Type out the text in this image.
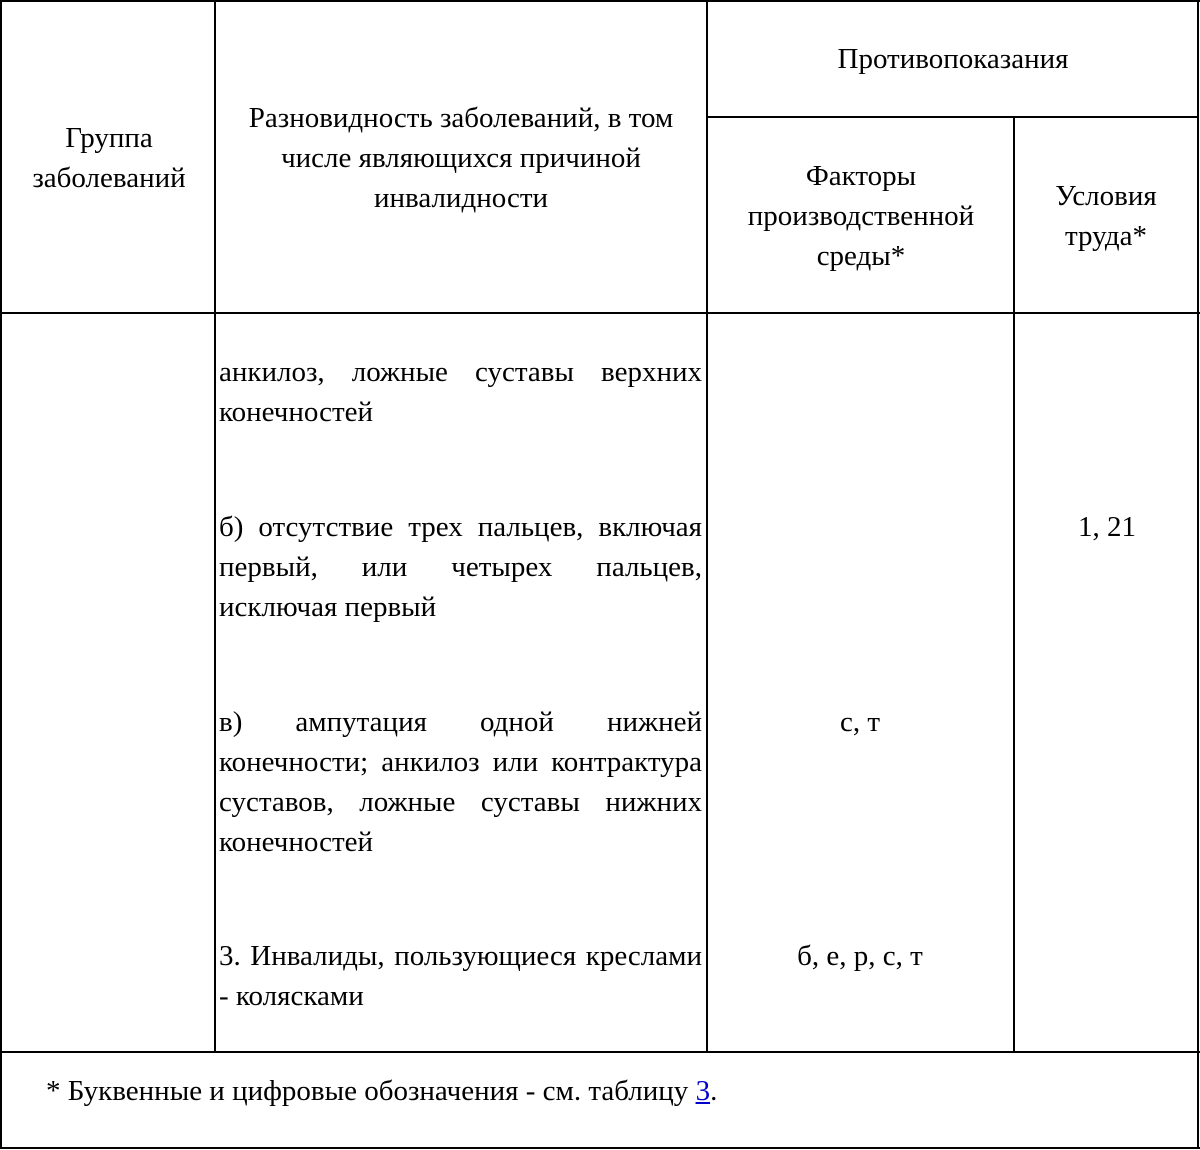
Группа заболеваний
Разновидность заболеваний, в том числе являющихся причиной инвалидности
Противопоказания
Факторы производственной среды*
Условия труда*
анкилоз, ложные суставы верхних конечностей
б) отсутствие трех пальцев, включая первый, или четырех пальцев, исключая первый
в) ампутация одной нижней конечности; анкилоз или контрактура суставов, ложные суставы нижних конечностей
3. Инвалиды, пользующиеся креслами - колясками
с, т
б, е, р, с, т
1, 21
* Буквенные и цифровые обозначения - см. таблицу 3.
